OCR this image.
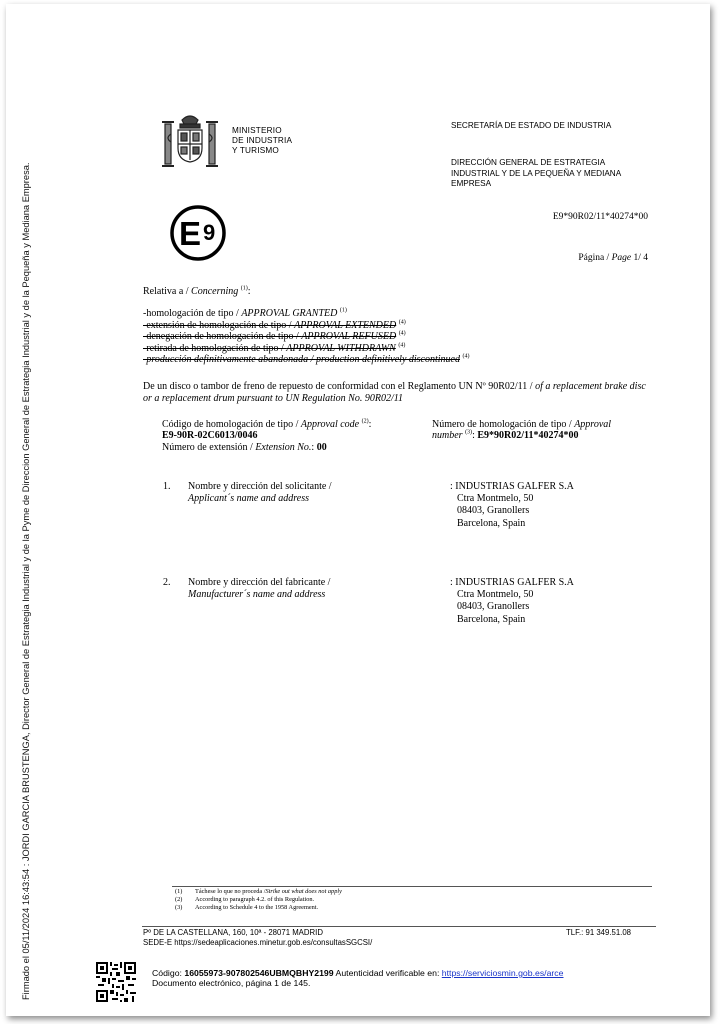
Firmado el 05/11/2024 16:43:54 : JORDI GARCIA BRUSTENGA, Director General de Estrategia Industrial y de la Pyme de Direccion General de Estrategia Industrial y de la Pequeña y Mediana Empresa.
MINISTERIO
DE INDUSTRIA
Y TURISMO
SECRETARÍA DE ESTADO DE INDUSTRIA
DIRECCIÓN GENERAL DE ESTRATEGIA INDUSTRIAL Y DE LA PEQUEÑA Y MEDIANA EMPRESA
E 9
E9*90R02/11*40274*00
Página / Page 1/ 4
Relativa a / Concerning $^{(1)}$:
-homologación de tipo / APPROVAL GRANTED $^{(1)}$
-extensión de homologación de tipo / APPROVAL EXTENDED $^{(4)}$
-denegación de homologación de tipo / APPROVAL REFUSED $^{(4)}$
-retirada de homologación de tipo / APPROVAL WITHDRAWN $^{(4)}$
-producción definitivamente abandonada / production definitively discontinued $^{(4)}$
De un disco o tambor de freno de repuesto de conformidad con el Reglamento UN Nº 90R02/11 / of a replacement brake disc or a replacement drum pursuant to UN Regulation No. 90R02/11
Código de homologación de tipo / Approval code $^{(2)}$:
E9-90R-02C6013/0046
Número de extensión / Extension No.: 00
Número de homologación de tipo / Approval number $^{(3)}$: E9*90R02/11*40274*00
1. Nombre y dirección del solicitante /
Applicant´s name and address
: INDUSTRIAS GALFER S.A
Ctra Montmelo, 50
08403, Granollers
Barcelona, Spain
2. Nombre y dirección del fabricante /
Manufacturer´s name and address
: INDUSTRIAS GALFER S.A
Ctra Montmelo, 50
08403, Granollers
Barcelona, Spain
(1)	Táchese lo que no proceda / Strike out what does not apply
(2)	According to paragraph 4.2. of this Regulation.
(3)	According to Schedule 4 to the 1958 Agreement.
Pº DE LA CASTELLANA, 160, 10ª - 28071 MADRID
SEDE-E https://sedeaplicaciones.minetur.gob.es/consultasSGCSI/
TLF.: 91 349.51.08
Código: 16055973-907802546UBMQBHY2199 Autenticidad verificable en: https://serviciosmin.gob.es/arce
Documento electrónico, página 1 de 145.
